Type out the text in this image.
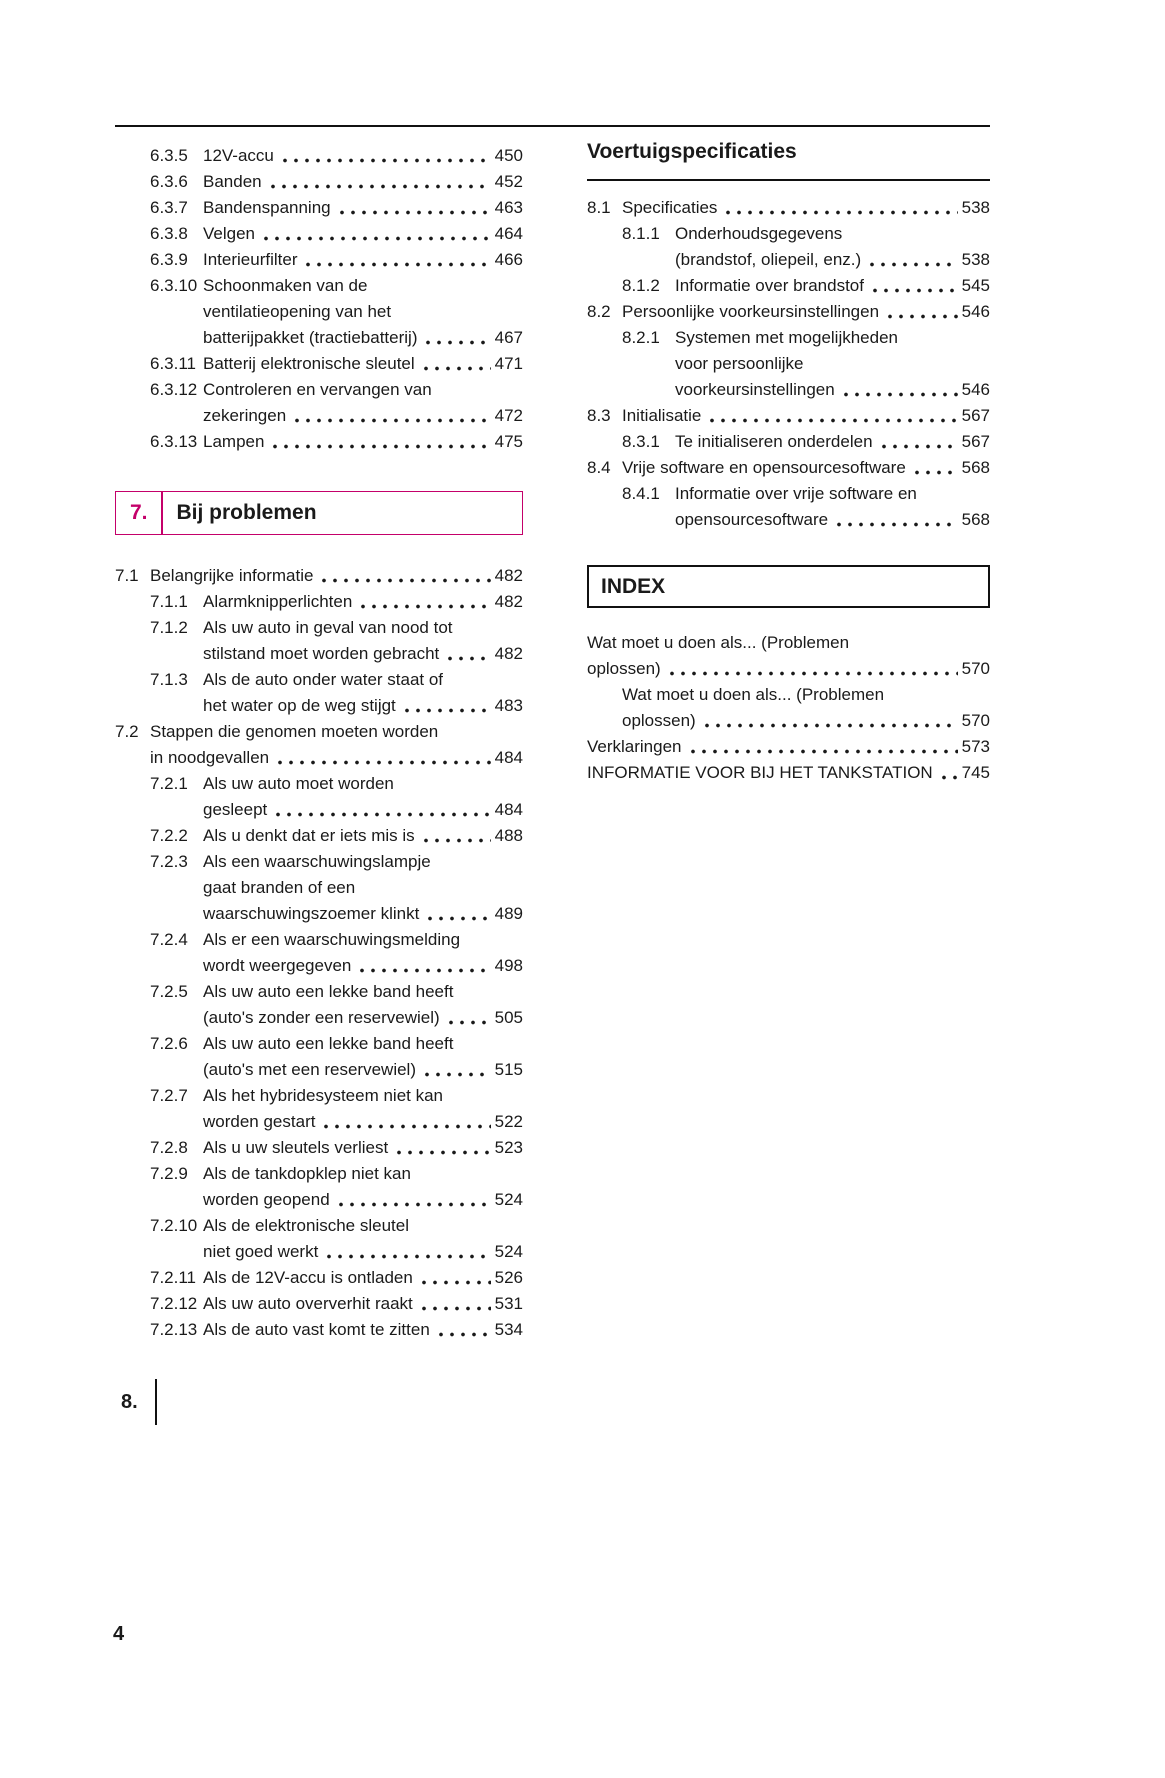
6.3.5 12V-accu	450
6.3.6 Banden	452
6.3.7 Bandenspanning	463
6.3.8 Velgen	464
6.3.9 Interieurfilter	466
6.3.10 Schoonmaken van de
ventilatieopening van het
batterijpakket (tractiebatterij)	467
6.3.11 Batterij elektronische sleutel	471
6.3.12 Controleren en vervangen van
zekeringen	472
6.3.13 Lampen	475
7. Bij problemen
7.1 Belangrijke informatie	482
7.1.1 Alarmknipperlichten	482
7.1.2 Als uw auto in geval van nood tot
stilstand moet worden gebracht	482
7.1.3 Als de auto onder water staat of
het water op de weg stijgt	483
7.2 Stappen die genomen moeten worden
in noodgevallen	484
7.2.1 Als uw auto moet worden
gesleept	484
7.2.2 Als u denkt dat er iets mis is	488
7.2.3 Als een waarschuwingslampje
gaat branden of een
waarschuwingszoemer klinkt	489
7.2.4 Als er een waarschuwingsmelding
wordt weergegeven	498
7.2.5 Als uw auto een lekke band heeft
(auto's zonder een reservewiel)	505
7.2.6 Als uw auto een lekke band heeft
(auto's met een reservewiel)	515
7.2.7 Als het hybridesysteem niet kan
worden gestart	522
7.2.8 Als u uw sleutels verliest	523
7.2.9 Als de tankdopklep niet kan
worden geopend	524
7.2.10 Als de elektronische sleutel
niet goed werkt	524
7.2.11 Als de 12V-accu is ontladen	526
7.2.12 Als uw auto oververhit raakt	531
7.2.13 Als de auto vast komt te zitten	534
8.
Voertuigspecificaties
8.1 Specificaties	538
8.1.1 Onderhoudsgegevens
(brandstof, oliepeil, enz.)	538
8.1.2 Informatie over brandstof	545
8.2 Persoonlijke voorkeursinstellingen	546
8.2.1 Systemen met mogelijkheden
voor persoonlijke
voorkeursinstellingen	546
8.3 Initialisatie	567
8.3.1 Te initialiseren onderdelen	567
8.4 Vrije software en opensourcesoftware	568
8.4.1 Informatie over vrije software en
opensourcesoftware	568
INDEX
Wat moet u doen als... (Problemen
oplossen)	570
Wat moet u doen als... (Problemen
oplossen)	570
Verklaringen	573
INFORMATIE VOOR BIJ HET TANKSTATION 745
4
